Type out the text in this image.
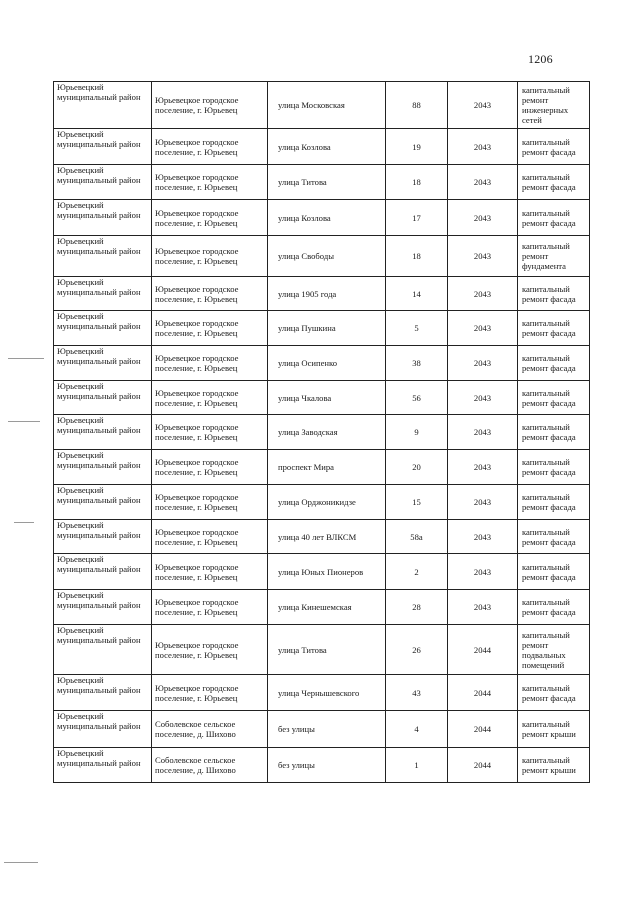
1206
Юрьевецкий муниципальный район	Юрьевецкое городское поселение, г. Юрьевец	улица Московская	88	2043	капитальный ремонт инженерных сетей
Юрьевецкий муниципальный район	Юрьевецкое городское поселение, г. Юрьевец	улица Козлова	19	2043	капитальный ремонт фасада
Юрьевецкий муниципальный район	Юрьевецкое городское поселение, г. Юрьевец	улица Титова	18	2043	капитальный ремонт фасада
Юрьевецкий муниципальный район	Юрьевецкое городское поселение, г. Юрьевец	улица Козлова	17	2043	капитальный ремонт фасада
Юрьевецкий муниципальный район	Юрьевецкое городское поселение, г. Юрьевец	улица Свободы	18	2043	капитальный ремонт фундамента
Юрьевецкий муниципальный район	Юрьевецкое городское поселение, г. Юрьевец	улица 1905 года	14	2043	капитальный ремонт фасада
Юрьевецкий муниципальный район	Юрьевецкое городское поселение, г. Юрьевец	улица Пушкина	5	2043	капитальный ремонт фасада
Юрьевецкий муниципальный район	Юрьевецкое городское поселение, г. Юрьевец	улица Осипенко	38	2043	капитальный ремонт фасада
Юрьевецкий муниципальный район	Юрьевецкое городское поселение, г. Юрьевец	улица Чкалова	56	2043	капитальный ремонт фасада
Юрьевецкий муниципальный район	Юрьевецкое городское поселение, г. Юрьевец	улица Заводская	9	2043	капитальный ремонт фасада
Юрьевецкий муниципальный район	Юрьевецкое городское поселение, г. Юрьевец	проспект Мира	20	2043	капитальный ремонт фасада
Юрьевецкий муниципальный район	Юрьевецкое городское поселение, г. Юрьевец	улица Орджоникидзе	15	2043	капитальный ремонт фасада
Юрьевецкий муниципальный район	Юрьевецкое городское поселение, г. Юрьевец	улица 40 лет ВЛКСМ	58а	2043	капитальный ремонт фасада
Юрьевецкий муниципальный район	Юрьевецкое городское поселение, г. Юрьевец	улица Юных Пионеров	2	2043	капитальный ремонт фасада
Юрьевецкий муниципальный район	Юрьевецкое городское поселение, г. Юрьевец	улица Кинешемская	28	2043	капитальный ремонт фасада
Юрьевецкий муниципальный район	Юрьевецкое городское поселение, г. Юрьевец	улица Титова	26	2044	капитальный ремонт подвальных помещений
Юрьевецкий муниципальный район	Юрьевецкое городское поселение, г. Юрьевец	улица Чернышевского	43	2044	капитальный ремонт фасада
Юрьевецкий муниципальный район	Соболевское сельское поселение, д. Шихово	без улицы	4	2044	капитальный ремонт крыши
Юрьевецкий муниципальный район	Соболевское сельское поселение, д. Шихово	без улицы	1	2044	капитальный ремонт крыши
